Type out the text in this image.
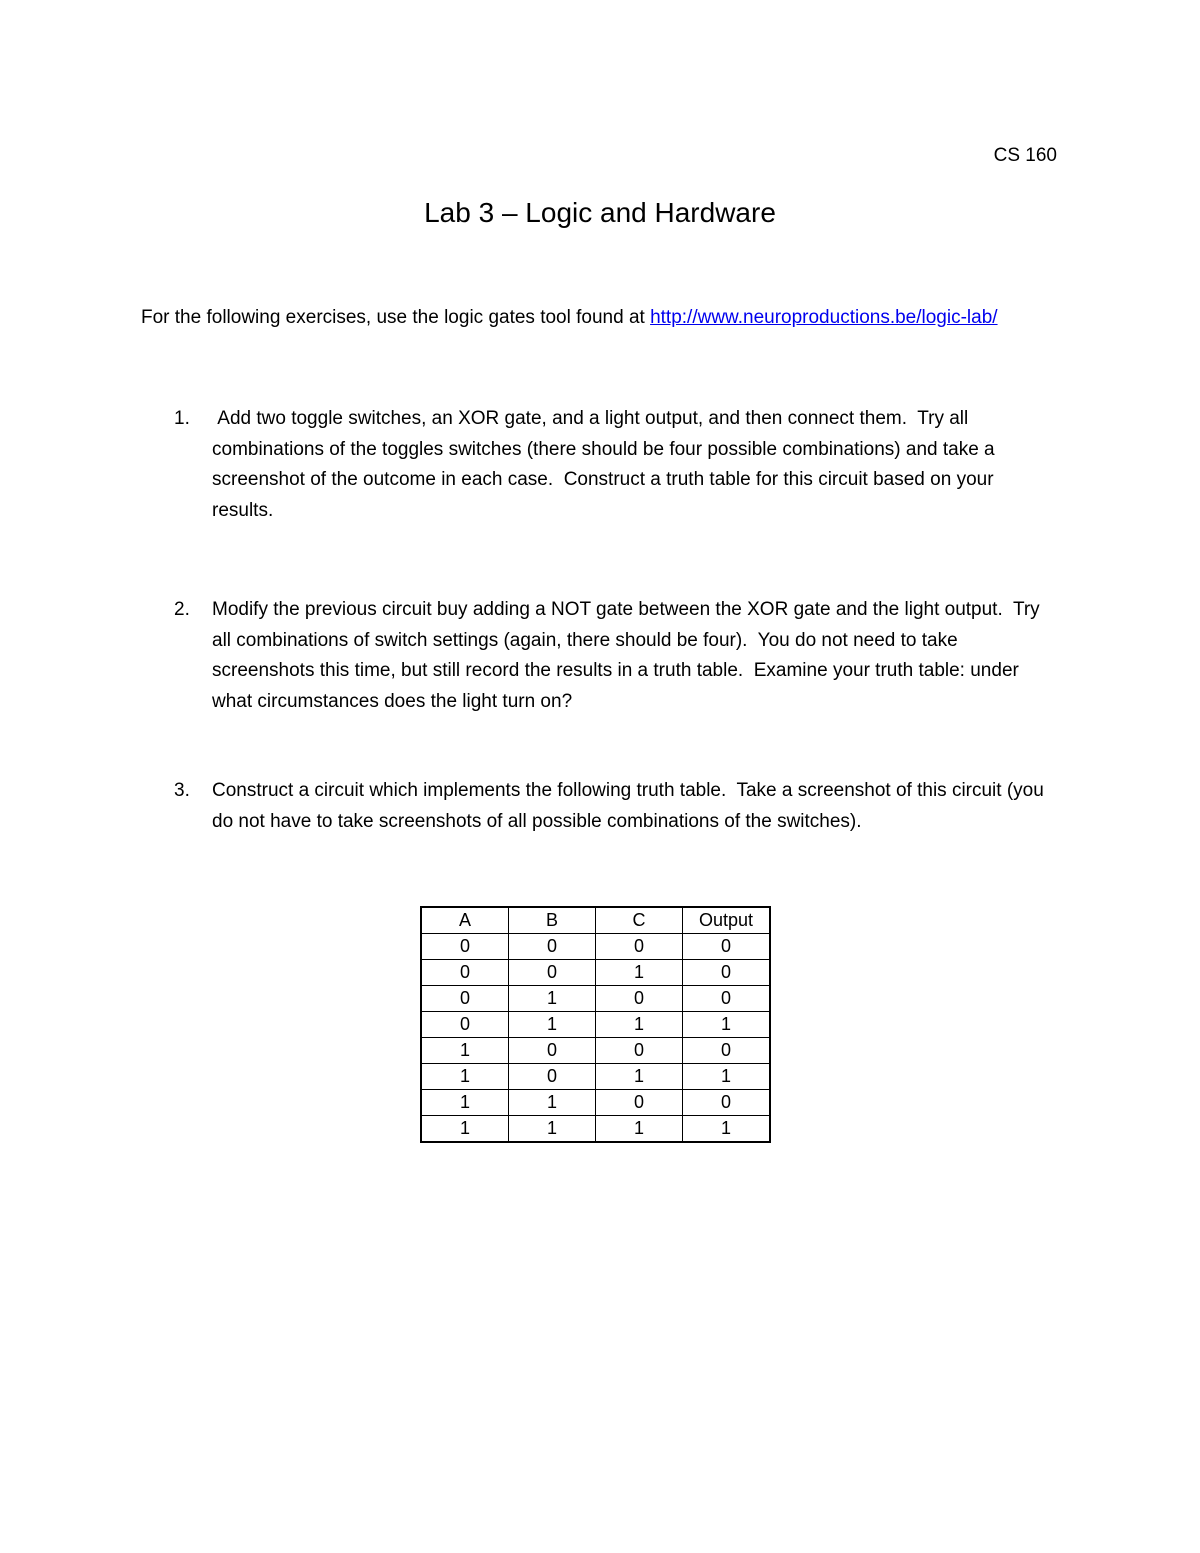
CS 160
Lab 3 – Logic and Hardware
For the following exercises, use the logic gates tool found at http://www.neuroproductions.be/logic-lab/
1. Add two toggle switches, an XOR gate, and a light output, and then connect them.  Try all combinations of the toggles switches (there should be four possible combinations) and take a screenshot of the outcome in each case.  Construct a truth table for this circuit based on your results.
2. Modify the previous circuit buy adding a NOT gate between the XOR gate and the light output.  Try all combinations of switch settings (again, there should be four).  You do not need to take screenshots this time, but still record the results in a truth table.  Examine your truth table: under what circumstances does the light turn on?
3. Construct a circuit which implements the following truth table.  Take a screenshot of this circuit (you do not have to take screenshots of all possible combinations of the switches).
A	B	C	Output
0	0	0	0
0	0	1	0
0	1	0	0
0	1	1	1
1	0	0	0
1	0	1	1
1	1	0	0
1	1	1	1
